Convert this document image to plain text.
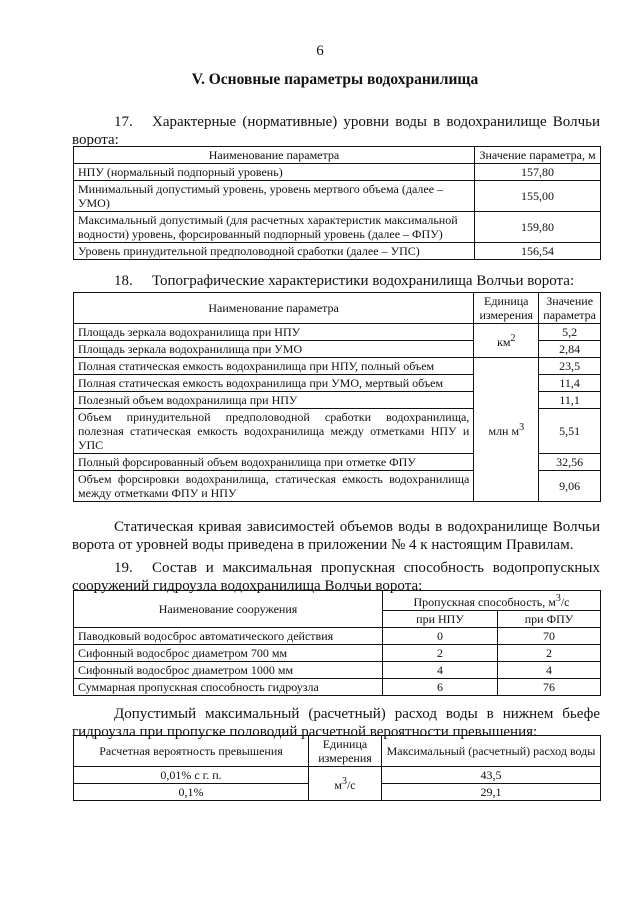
6
V. Основные параметры водохранилища
17. Характерные (нормативные) уровни воды в водохранилище Волчьи ворота:
Наименование параметра	Значение параметра, м
НПУ (нормальный подпорный уровень)	157,80
Минимальный допустимый уровень, уровень мертвого объема (далее – УМО)	155,00
Максимальный допустимый (для расчетных характеристик максимальной водности) уровень, форсированный подпорный уровень (далее – ФПУ)	159,80
Уровень принудительной предполоводной сработки (далее – УПС)	156,54
18. Топографические характеристики водохранилища Волчьи ворота:
Наименование параметра	Единица измерения	Значение параметра
Площадь зеркала водохранилища при НПУ	$км^2$	5,2
Площадь зеркала водохранилища при УМО		2,84
Полная статическая емкость водохранилища при НПУ, полный объем	млн $м^3$	23,5
Полная статическая емкость водохранилища при УМО, мертвый объем		11,4
Полезный объем водохранилища при НПУ		11,1
Объем принудительной предполоводной сработки водохранилища, полезная статическая емкость водохранилища между отметками НПУ и УПС		5,51
Полный форсированный объем водохранилища при отметке ФПУ		32,56
Объем форсировки водохранилища, статическая емкость водохранилища между отметками ФПУ и НПУ		9,06
Статическая кривая зависимостей объемов воды в водохранилище Волчьи ворота от уровней воды приведена в приложении № 4 к настоящим Правилам.
19. Состав и максимальная пропускная способность водопропускных сооружений гидроузла водохранилища Волчьи ворота:
Наименование сооружения	Пропускная способность, $м^3/с$	
	при НПУ	при ФПУ
Паводковый водосброс автоматического действия	0	70
Сифонный водосброс диаметром 700 мм	2	2
Сифонный водосброс диаметром 1000 мм	4	4
Суммарная пропускная способность гидроузла	6	76
Допустимый максимальный (расчетный) расход воды в нижнем бьефе гидроузла при пропуске половодий расчетной вероятности превышения:
Расчетная вероятность превышения	Единица измерения	Максимальный (расчетный) расход воды
0,01% с г. п.	$м^3/с$	43,5
0,1%		29,1
